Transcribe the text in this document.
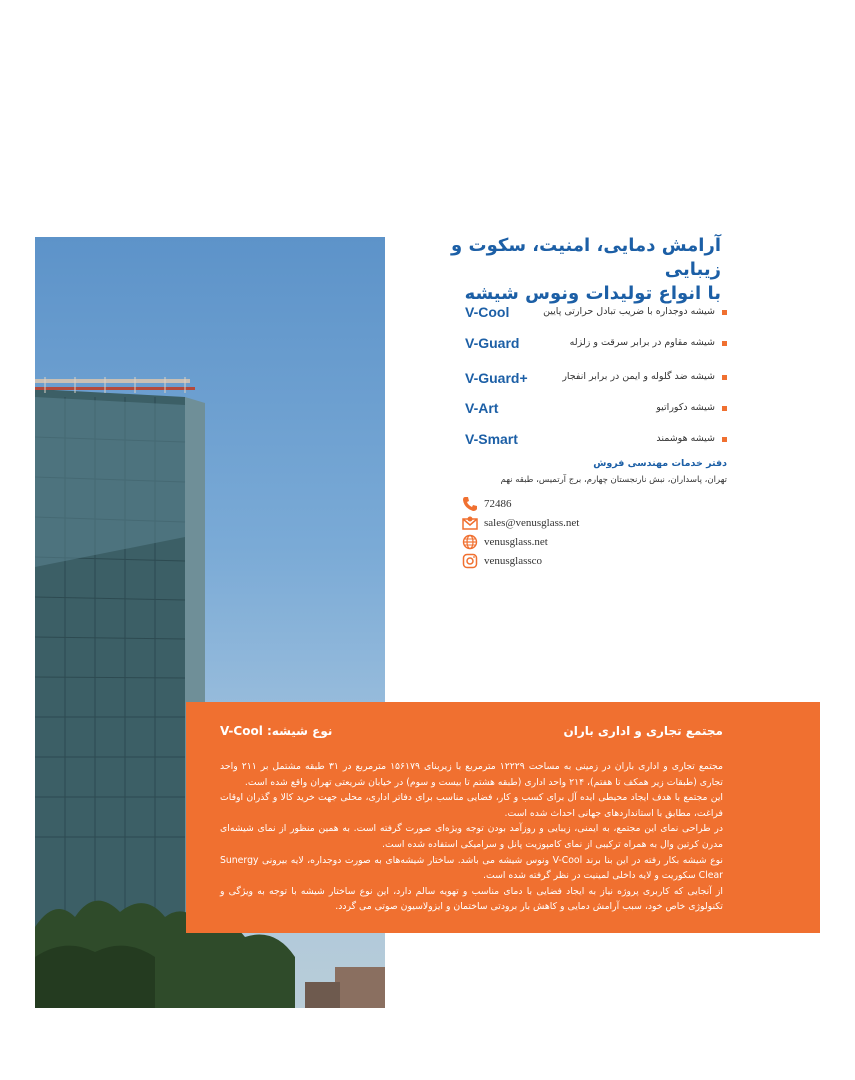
آرامش دمایی، امنیت، سکوت و زیبایی
با انواع تولیدات ونوس شیشه
V-Cool	شیشه دوجداره با ضریب تبادل حرارتی پایین
V-Guard	شیشه مقاوم در برابر سرقت و زلزله
V-Guard+	شیشه ضد گلوله و ایمن در برابر انفجار
V-Art	شیشه دکوراتیو
V-Smart	شیشه هوشمند
دفتر خدمات مهندسی فروش
تهران، پاسداران، نبش نارنجستان چهارم، برج آرتمیس، طبقه نهم
72486
sales@venusglass.net
venusglass.net
venusglassco
مجتمع تجاری و اداری باران
نوع شیشه: V-Cool

مجتمع تجاری و اداری باران در زمینی به مساحت ۱۲۲۲۹ مترمربع با زیربنای ۱۵۶۱۷۹ مترمربع در ۳۱ طبقه مشتمل بر ۲۱۱ واحد تجاری (طبقات زیر همکف تا هفتم)، ۲۱۴ واحد اداری (طبقه هشتم تا بیست و سوم) در خیابان شریعتی تهران واقع شده است.

این مجتمع با هدف ایجاد محیطی ایده آل برای کسب و کار، فضایی مناسب برای دفاتر اداری، محلی جهت خرید کالا و گذران اوقات فراغت، مطابق با استانداردهای جهانی احداث شده است.

در طراحی نمای این مجتمع، به ایمنی، زیبایی و روزآمد بودن توجه ویژه‌ای صورت گرفته است. به همین منظور از نمای شیشه‌ای مدرن کرتین وال به همراه ترکیبی از نمای کامپوزیت پانل و سرامیکی استفاده شده است.

نوع شیشه بکار رفته در این بنا برند V-Cool ونوس شیشه می باشد. ساختار شیشه‌های به صورت دوجداره، لایه بیرونی Sunergy Clear سکوریت و لایه داخلی لمینیت در نظر گرفته شده است.

از آنجایی که کاربری پروژه نیاز به ایجاد فضایی با دمای مناسب و تهویه سالم دارد، این نوع ساختار شیشه با توجه به ویژگی و تکنولوژی خاص خود، سبب آرامش دمایی و کاهش بار برودتی ساختمان و ایزولاسیون صوتی می گردد.
